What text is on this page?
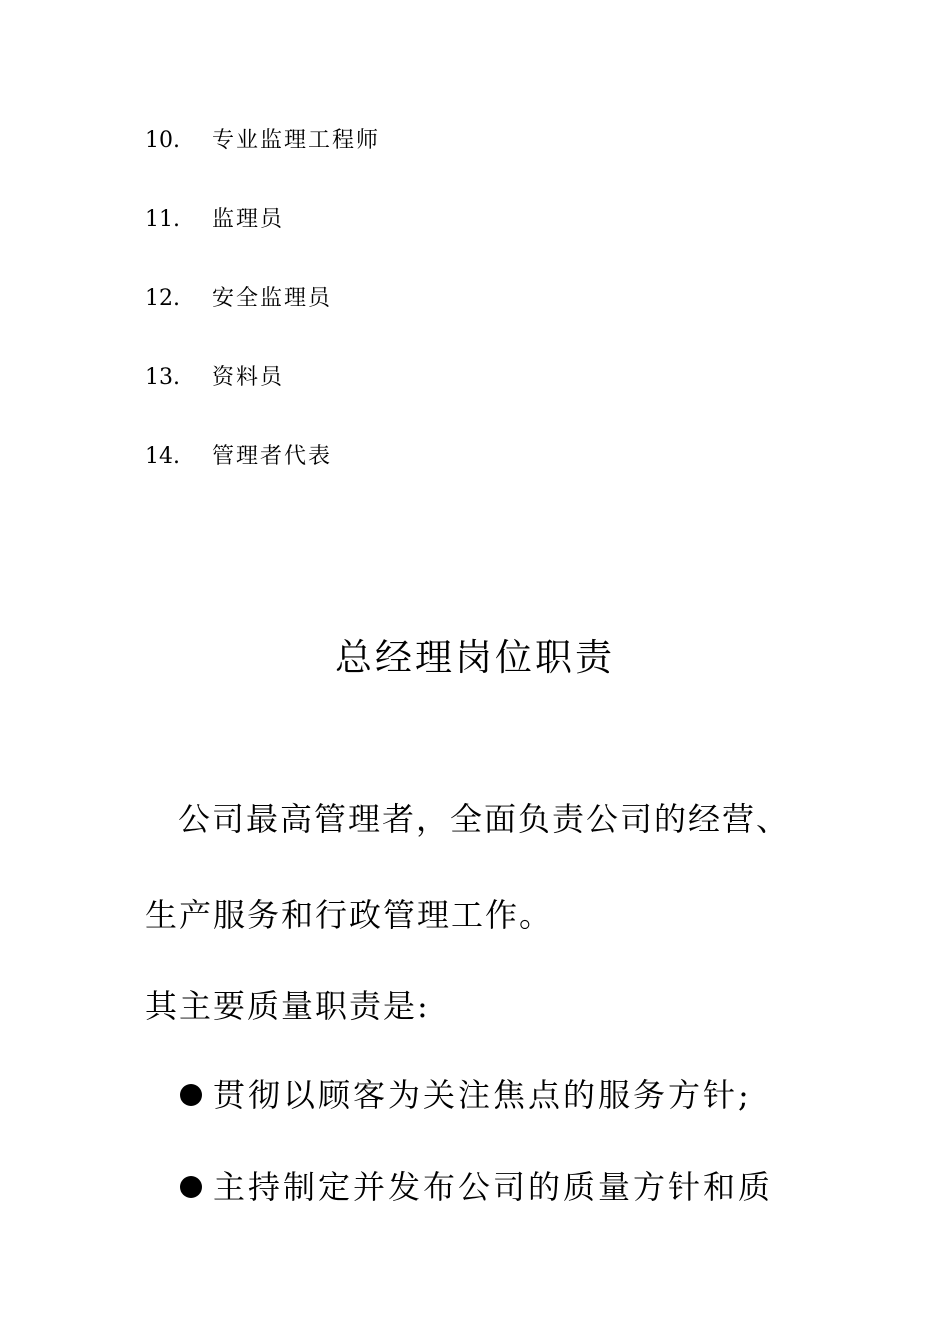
10. 专业监理工程师
11. 监理员
12. 安全监理员
13. 资料员
14. 管理者代表
总经理岗位职责
公司最高管理者，全面负责公司的经营、
生产服务和行政管理工作。
其主要质量职责是:
贯彻以顾客为关注焦点的服务方针;
主持制定并发布公司的质量方针和质
